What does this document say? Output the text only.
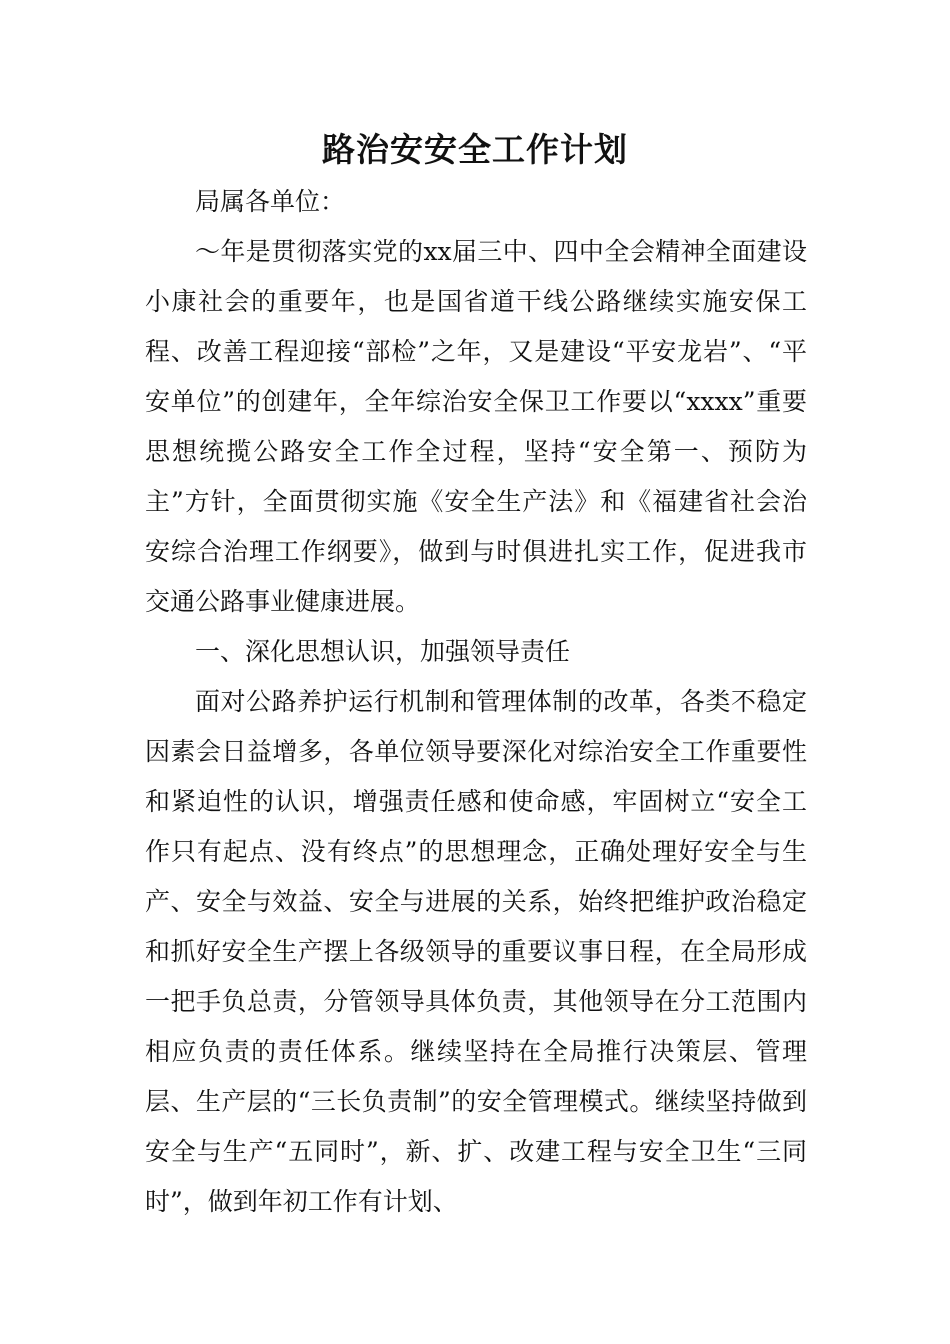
路治安安全工作计划

局属各单位：

～年是贯彻落实党的xx届三中、四中全会精神全面建设小康社会的重要年，也是国省道干线公路继续实施安保工程、改善工程迎接“部检”之年，又是建设“平安龙岩”、“平安单位”的创建年，全年综治安全保卫工作要以“xxxx”重要思想统揽公路安全工作全过程，坚持“安全第一、预防为主”方针，全面贯彻实施《安全生产法》和《福建省社会治安综合治理工作纲要》，做到与时俱进扎实工作，促进我市交通公路事业健康进展。

一、深化思想认识，加强领导责任

面对公路养护运行机制和管理体制的改革，各类不稳定因素会日益增多，各单位领导要深化对综治安全工作重要性和紧迫性的认识，增强责任感和使命感，牢固树立“安全工作只有起点、没有终点”的思想理念，正确处理好安全与生产、安全与效益、安全与进展的关系，始终把维护政治稳定和抓好安全生产摆上各级领导的重要议事日程，在全局形成一把手负总责，分管领导具体负责，其他领导在分工范围内相应负责的责任体系。继续坚持在全局推行决策层、管理层、生产层的“三长负责制”的安全管理模式。继续坚持做到安全与生产“五同时”，新、扩、改建工程与安全卫生“三同时”，做到年初工作有计划、
